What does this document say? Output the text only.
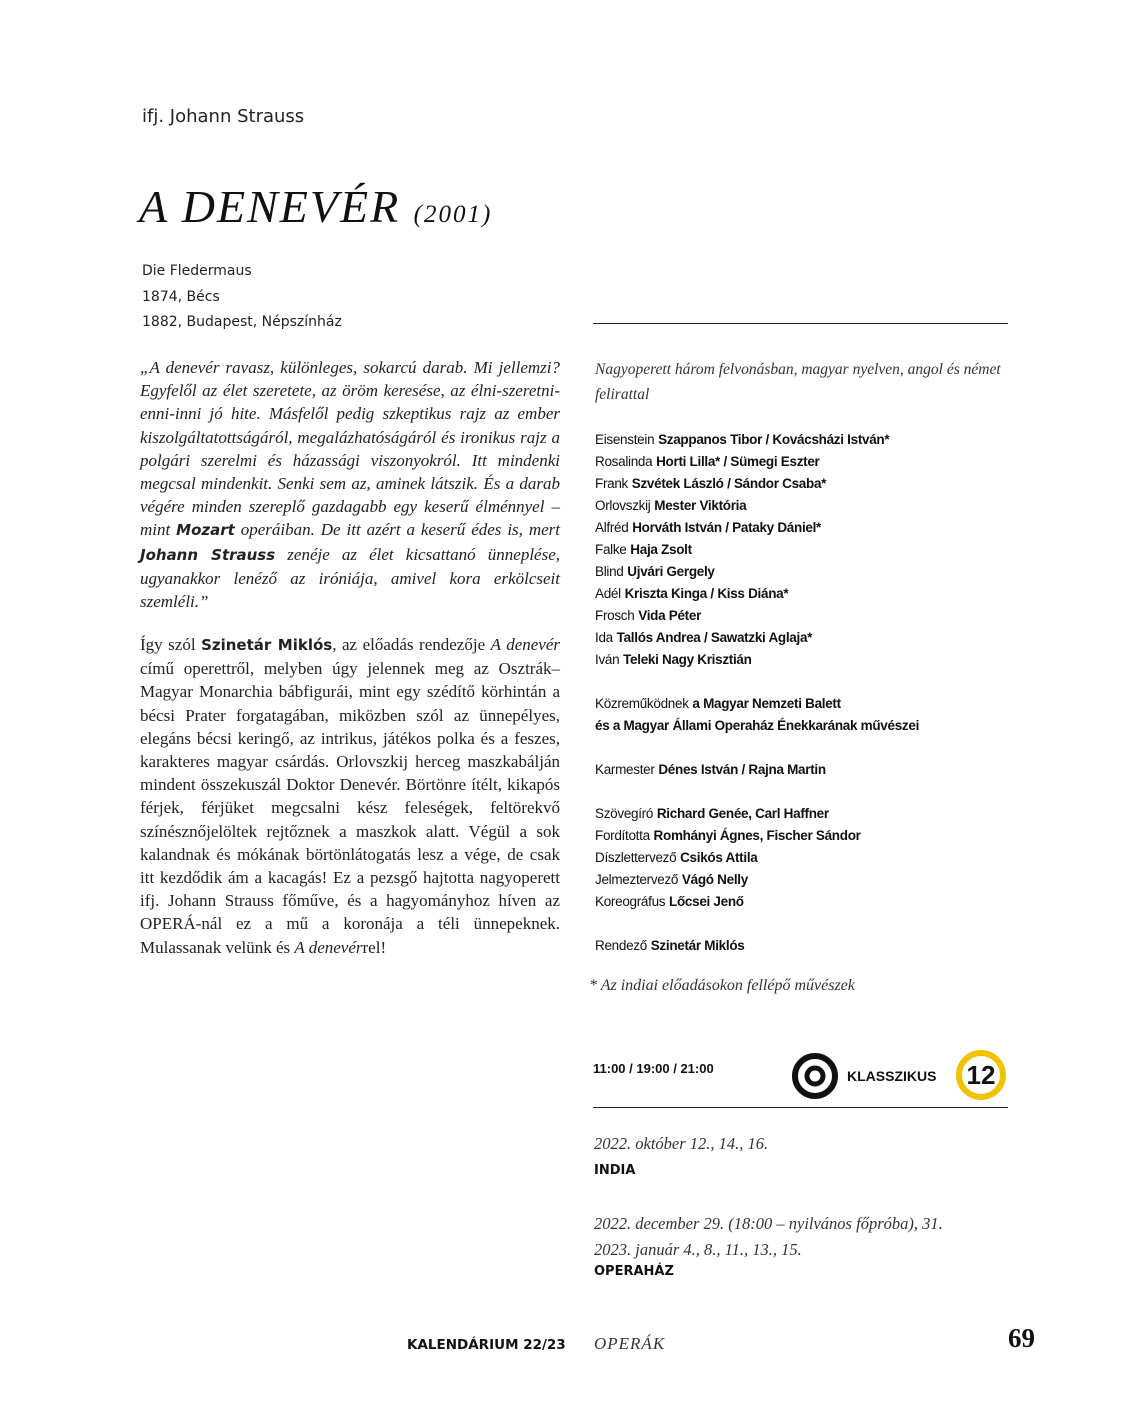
ifj. Johann Strauss
A DENEVÉR (2001)
Die Fledermaus
1874, Bécs
1882, Budapest, Népszínház
„A denevér ravasz, különleges, sokarcú darab. Mi jellemzi? Egyfelől az élet szeretete, az öröm keresése, az élni-szeretni-enni-inni jó hite. Másfelől pedig szkeptikus rajz az ember kiszolgáltatottságáról, megalázhatóságáról és ironikus rajz a polgári szerelmi és házassági viszonyokról. Itt mindenki megcsal mindenkit. Senki sem az, aminek látszik. És a darab végére minden szereplő gazdagabb egy keserű élménnyel – mint Mozart operáiban. De itt azért a keserű édes is, mert Johann Strauss zenéje az élet kicsattanó ünneplése, ugyanakkor lenéző az iróniája, amivel kora erkölcseit szemléli.”
Így szól Szinetár Miklós, az előadás rendezője A denevér című operettről, melyben úgy jelennek meg az Osztrák–Magyar Monarchia bábfigurái, mint egy szédítő körhintán a bécsi Prater forgatagában, miközben szól az ünnepélyes, elegáns bécsi keringő, az intrikus, játékos polka és a feszes, karakteres magyar csárdás. Orlovszkij herceg maszkabálján mindent összekuszál Doktor Denevér. Börtönre ítélt, kikapós férjek, férjüket megcsalni kész feleségek, feltörekvő színésznőjelöltek rejtőznek a maszkok alatt. Végül a sok kalandnak és mókának börtönlátogatás lesz a vége, de csak itt kezdődik ám a kacagás! Ez a pezsgő hajtotta nagyoperett ifj. Johann Strauss főműve, és a hagyományhoz híven az OPERÁ-nál ez a mű a koronája a téli ünnepeknek. Mulassanak velünk és A denevérrel!
Nagyoperett három felvonásban, magyar nyelven, angol és német felirattal
Eisenstein Szappanos Tibor / Kovácsházi István*
Rosalinda Horti Lilla* / Sümegi Eszter
Frank Szvétek László / Sándor Csaba*
Orlovszkij Mester Viktória
Alfréd Horváth István / Pataky Dániel*
Falke Haja Zsolt
Blind Ujvári Gergely
Adél Kriszta Kinga / Kiss Diána*
Frosch Vida Péter
Ida Tallós Andrea / Sawatzki Aglaja*
Iván Teleki Nagy Krisztián
Közreműködnek a Magyar Nemzeti Balett
és a Magyar Állami Operaház Énekkarának művészei
Karmester Dénes István / Rajna Martin
Szövegíró Richard Genée, Carl Haffner
Fordította Romhányi Ágnes, Fischer Sándor
Díszlettervező Csikós Attila
Jelmeztervező Vágó Nelly
Koreográfus Lőcsei Jenő
Rendező Szinetár Miklós
* Az indiai előadásokon fellépő művészek
11:00 / 19:00 / 21:00	KLASSZIKUS 12
2022. október 12., 14., 16.
INDIA
2022. december 29. (18:00 – nyilvános főpróba), 31.
2023. január 4., 8., 11., 13., 15.
OPERAHÁZ
KALENDÁRIUM 22/23 OPERÁK	69
